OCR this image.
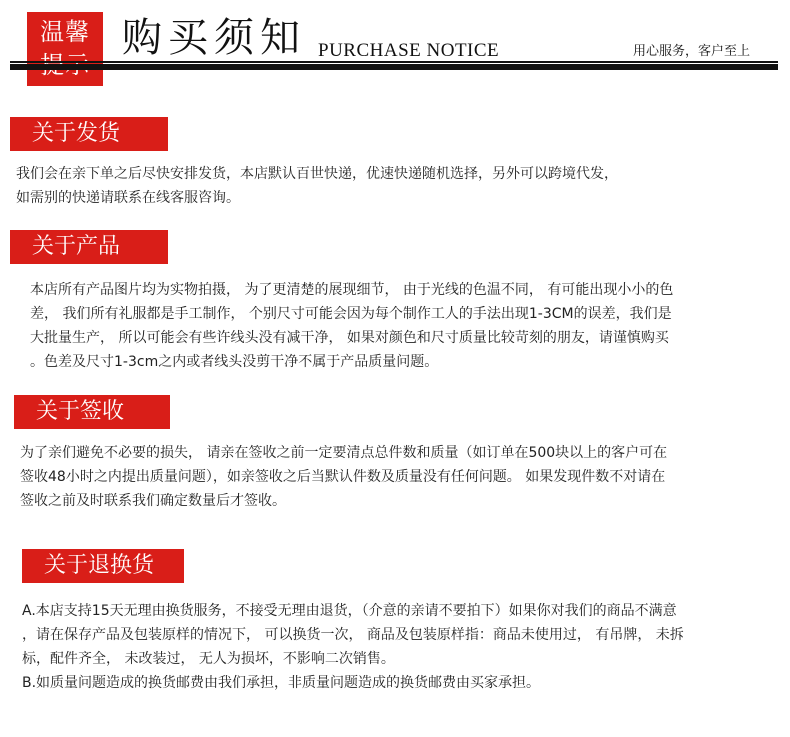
温馨 购买须知 PURCHASE NOTICE	用心服务，客户至上
关于发货

我们会在亲下单之后尽快安排发货，本店默认百世快递，优速快递随机选择，另外可以跨境代发，

如需别的快递请联系在线客服咨询。

关于产品

本店所有产品图片均为实物拍摄， 为了更清楚的展现细节， 由于光线的色温不同， 有可能出现小小的色

差， 我们所有礼服都是手工制作， 个别尺寸可能会因为每个制作工人的手法出现1-3CM的误差，我们是

大批量生产， 所以可能会有些许线头没有减干净， 如果对颜色和尺寸质量比较苛刻的朋友，请谨慎购买

。色差及尺寸1-3cm之内或者线头没剪干净不属于产品质量问题。

关于签收

为了亲们避免不必要的损失， 请亲在签收之前一定要清点总件数和质量（如订单在500块以上的客户可在

签收48小时之内提出质量问题），如亲签收之后当默认件数及质量没有任何问题。 如果发现件数不对请在

签收之前及时联系我们确定数量后才签收。

关于退换货

A.本店支持15天无理由换货服务，不接受无理由退货，（介意的亲请不要拍下）如果你对我们的商品不满意

，请在保存产品及包装原样的情况下， 可以换货一次， 商品及包装原样指：商品未使用过， 有吊牌， 未拆

标，配件齐全， 未改装过， 无人为损坏，不影响二次销售。

B.如质量问题造成的换货邮费由我们承担，非质量问题造成的换货邮费由买家承担。
